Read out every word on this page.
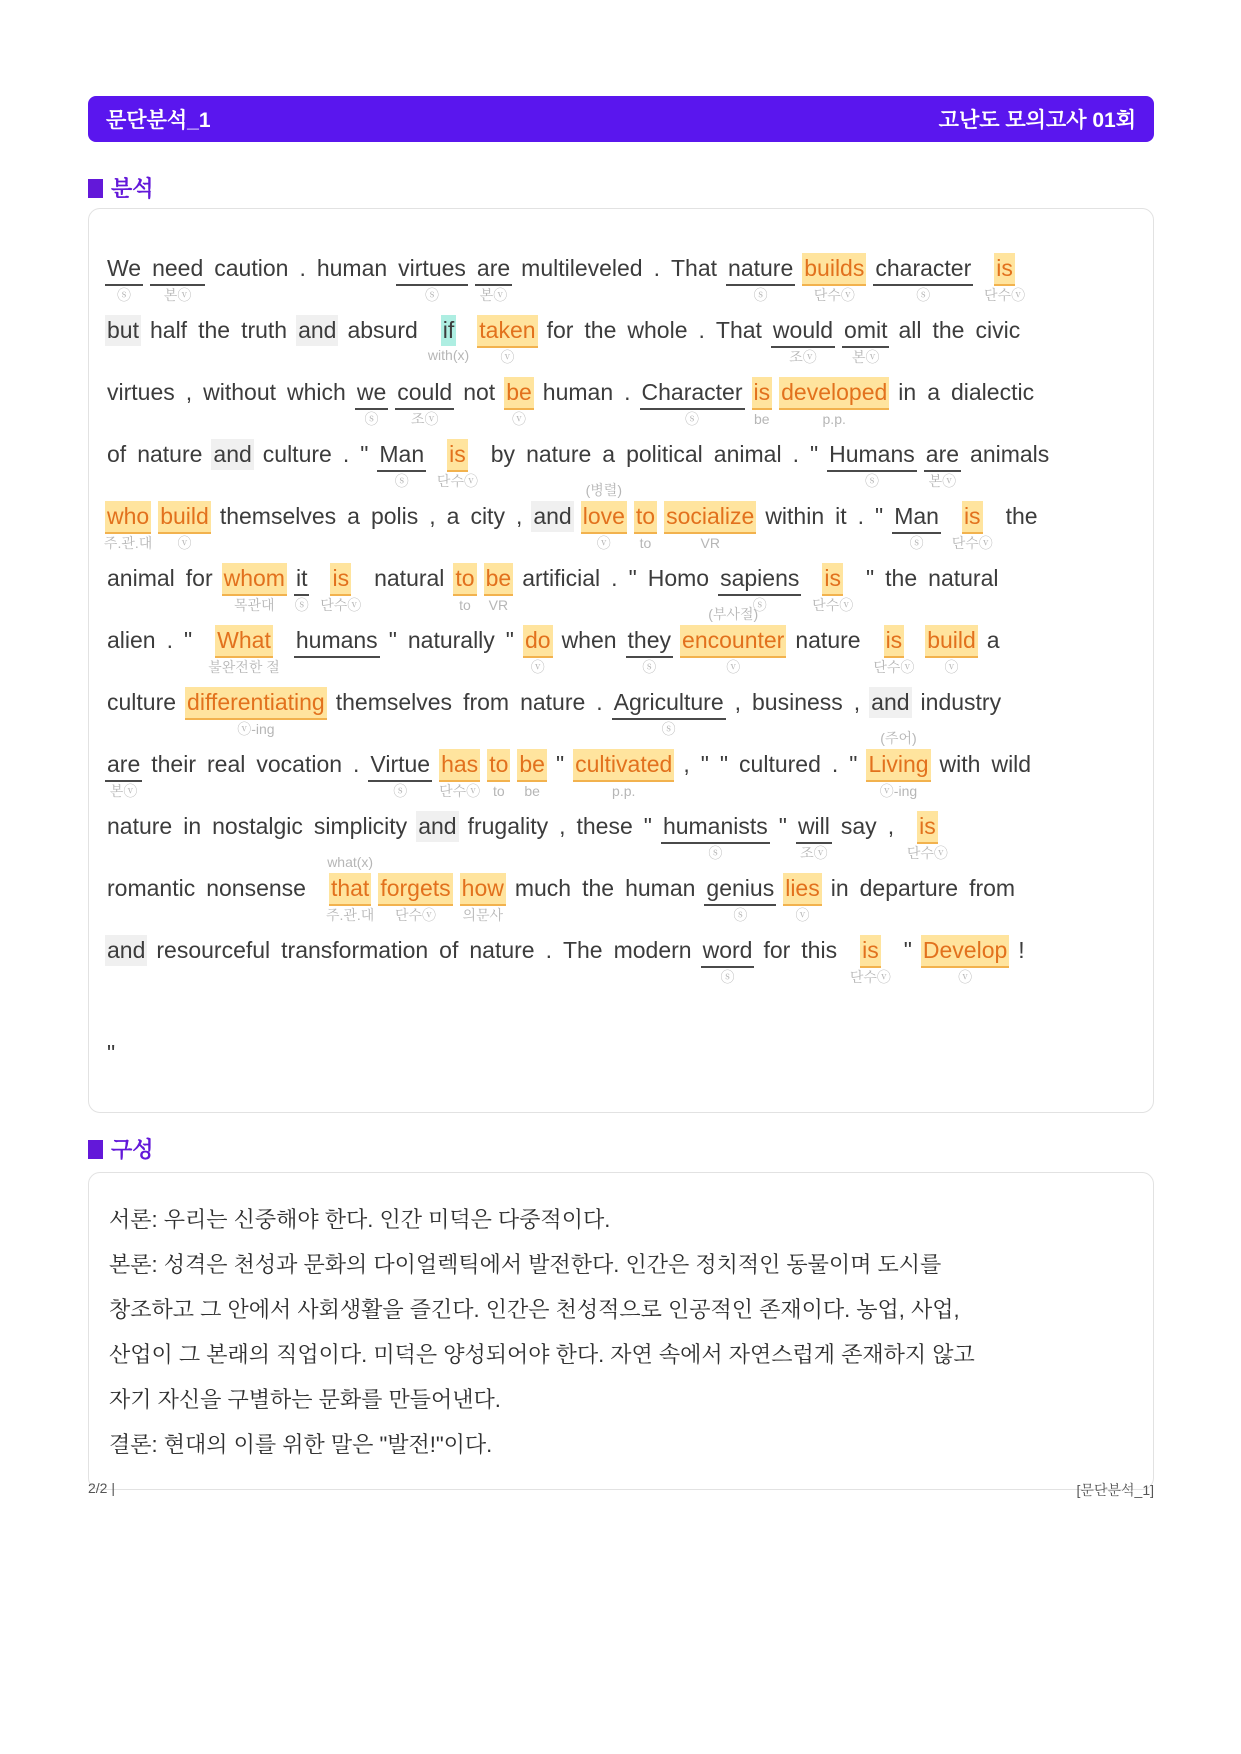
문단분석_1	고난도 모의고사 01회
분석
We
ⓢ
need
본ⓥ
caution . human virtues
ⓢ
are
본ⓥ
multileveled . That nature
ⓢ
builds
단수ⓥ
character
ⓢ
is
단수ⓥ
but half the truth and absurd if
with(x)
taken
ⓥ
for the whole . That would
조ⓥ
omit
본ⓥ
all the civic
virtues , without which we
ⓢ
could
조ⓥ
not be
ⓥ
human . Character
ⓢ
is
be
developed
p.p.
in a dialectic
of nature and culture . " Man
ⓢ
is
단수ⓥ
by nature a political animal . " Humans
ⓢ
are
본ⓥ
animals
who
주.관.대
build
ⓥ
themselves a polis , a city , and love
(병렬)
ⓥ
to
to
socialize
VR
within it . " Man
ⓢ
is
단수ⓥ
the
animal for whom
목관대
it
ⓢ
is
단수ⓥ
natural to
to
be
VR
artificial . " Homo sapiens
ⓢ
is
단수ⓥ
" the natural
alien . " What
불완전한 절
humans " naturally " do
ⓥ
when they
ⓢ
encounter
(부사절)
ⓥ
nature is
단수ⓥ
build
ⓥ
a
culture differentiating
ⓥ-ing
themselves from nature . Agriculture
ⓢ
, business , and industry
are
본ⓥ
their real vocation . Virtue
ⓢ
has
단수ⓥ
to
to
be
be
" cultivated
p.p.
, " " cultured . " Living
(주어)
ⓥ-ing
with wild
nature in nostalgic simplicity and frugality , these " humanists
ⓢ
" will
조ⓥ
say , is
단수ⓥ
romantic nonsense that
what(x)
주.관.대
forgets
단수ⓥ
how
의문사
much the human genius
ⓢ
lies
ⓥ
in departure from
and resourceful transformation of nature . The modern word
ⓢ
for this is
단수ⓥ
" Develop
ⓥ
!
"
구성
서론: 우리는 신중해야 한다. 인간 미덕은 다중적이다.
본론: 성격은 천성과 문화의 다이얼렉틱에서 발전한다. 인간은 정치적인 동물이며 도시를
창조하고 그 안에서 사회생활을 즐긴다. 인간은 천성적으로 인공적인 존재이다. 농업, 사업,
산업이 그 본래의 직업이다. 미덕은 양성되어야 한다. 자연 속에서 자연스럽게 존재하지 않고
자기 자신을 구별하는 문화를 만들어낸다.
결론: 현대의 이를 위한 말은 "발전!"이다.
2/2 |	[문단분석_1]
